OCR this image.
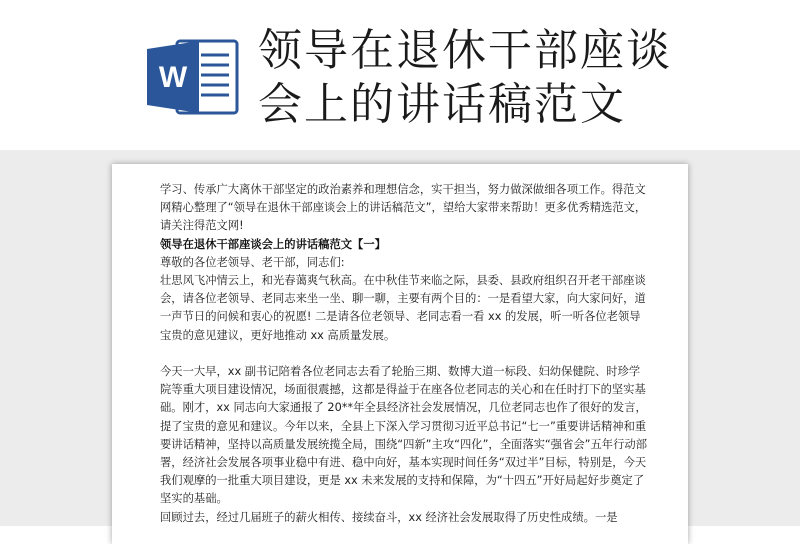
W
领导在退休干部座谈
会上的讲话稿范文

学习、传承广大离休干部坚定的政治素养和理想信念，实干担当，努力做深做细各项工作。得范文网精心整理了“领导在退休干部座谈会上的讲话稿范文”，望给大家带来帮助！更多优秀精选范文，请关注得范文网!

领导在退休干部座谈会上的讲话稿范文【一】

尊敬的各位老领导、老干部，同志们:

壮思风飞冲情云上，和光春蔼爽气秋高。在中秋佳节来临之际，县委、县政府组织召开老干部座谈会，请各位老领导、老同志来坐一坐、聊一聊，主要有两个目的：一是看望大家，向大家问好，道一声节日的问候和衷心的祝愿! 二是请各位老领导、老同志看一看 xx 的发展，听一听各位老领导宝贵的意见建议，更好地推动 xx 高质量发展。

今天一大早，xx 副书记陪着各位老同志去看了轮胎三期、数博大道一标段、妇幼保健院、时珍学院等重大项目建设情况，场面很震撼，这都是得益于在座各位老同志的关心和在任时打下的坚实基础。刚才，xx 同志向大家通报了 20**年全县经济社会发展情况，几位老同志也作了很好的发言，提了宝贵的意见和建议。今年以来，全县上下深入学习贯彻习近平总书记“七一”重要讲话精神和重要讲话精神，坚持以高质量发展统揽全局，围绕“四新”主攻“四化”，全面落实“强省会”五年行动部署，经济社会发展各项事业稳中有进、稳中向好，基本实现时间任务“双过半”目标，特别是，今天我们观摩的一批重大项目建设，更是 xx 未来发展的支持和保障，为“十四五”开好局起好步奠定了坚实的基础。

回顾过去，经过几届班子的薪火相传、接续奋斗，xx 经济社会发展取得了历史性成绩。一是
